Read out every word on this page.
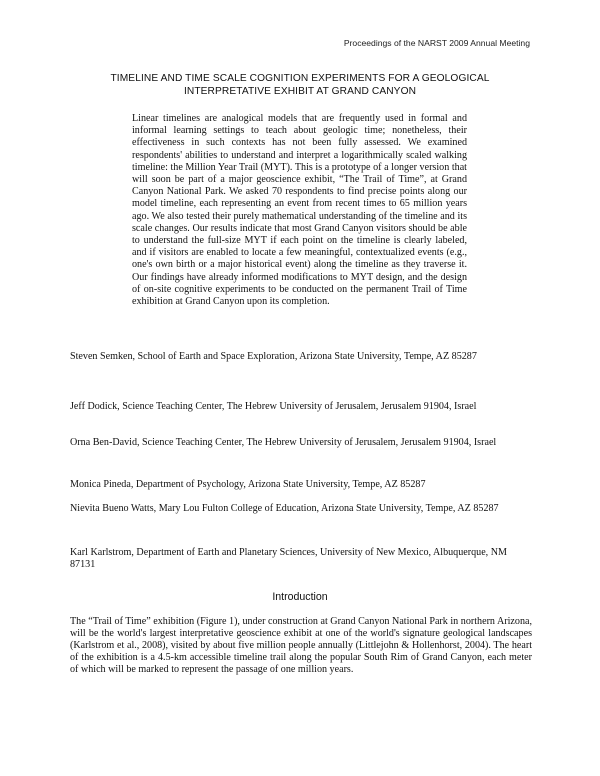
Proceedings of the NARST 2009 Annual Meeting
TIMELINE AND TIME SCALE COGNITION EXPERIMENTS FOR A GEOLOGICAL
INTERPRETATIVE EXHIBIT AT GRAND CANYON
Linear timelines are analogical models that are frequently used in formal and informal learning settings to teach about geologic time; nonetheless, their effectiveness in such contexts has not been fully assessed. We examined respondents' abilities to understand and interpret a logarithmically scaled walking timeline: the Million Year Trail (MYT). This is a prototype of a longer version that will soon be part of a major geoscience exhibit, “The Trail of Time”, at Grand Canyon National Park. We asked 70 respondents to find precise points along our model timeline, each representing an event from recent times to 65 million years ago. We also tested their purely mathematical understanding of the timeline and its scale changes. Our results indicate that most Grand Canyon visitors should be able to understand the full-size MYT if each point on the timeline is clearly labeled, and if visitors are enabled to locate a few meaningful, contextualized events (e.g., one's own birth or a major historical event) along the timeline as they traverse it. Our findings have already informed modifications to MYT design, and the design of on-site cognitive experiments to be conducted on the permanent Trail of Time exhibition at Grand Canyon upon its completion.
Steven Semken, School of Earth and Space Exploration, Arizona State University, Tempe, AZ 85287
Jeff Dodick, Science Teaching Center, The Hebrew University of Jerusalem, Jerusalem 91904, Israel
Orna Ben-David, Science Teaching Center, The Hebrew University of Jerusalem, Jerusalem 91904, Israel
Monica Pineda, Department of Psychology, Arizona State University, Tempe, AZ 85287
Nievita Bueno Watts, Mary Lou Fulton College of Education, Arizona State University, Tempe, AZ 85287
Karl Karlstrom, Department of Earth and Planetary Sciences, University of New Mexico, Albuquerque, NM 87131
Introduction
The “Trail of Time” exhibition (Figure 1), under construction at Grand Canyon National Park in northern Arizona, will be the world's largest interpretative geoscience exhibit at one of the world's signature geological landscapes (Karlstrom et al., 2008), visited by about five million people annually (Littlejohn & Hollenhorst, 2004). The heart of the exhibition is a 4.5-km accessible timeline trail along the popular South Rim of Grand Canyon, each meter of which will be marked to represent the passage of one million years.
